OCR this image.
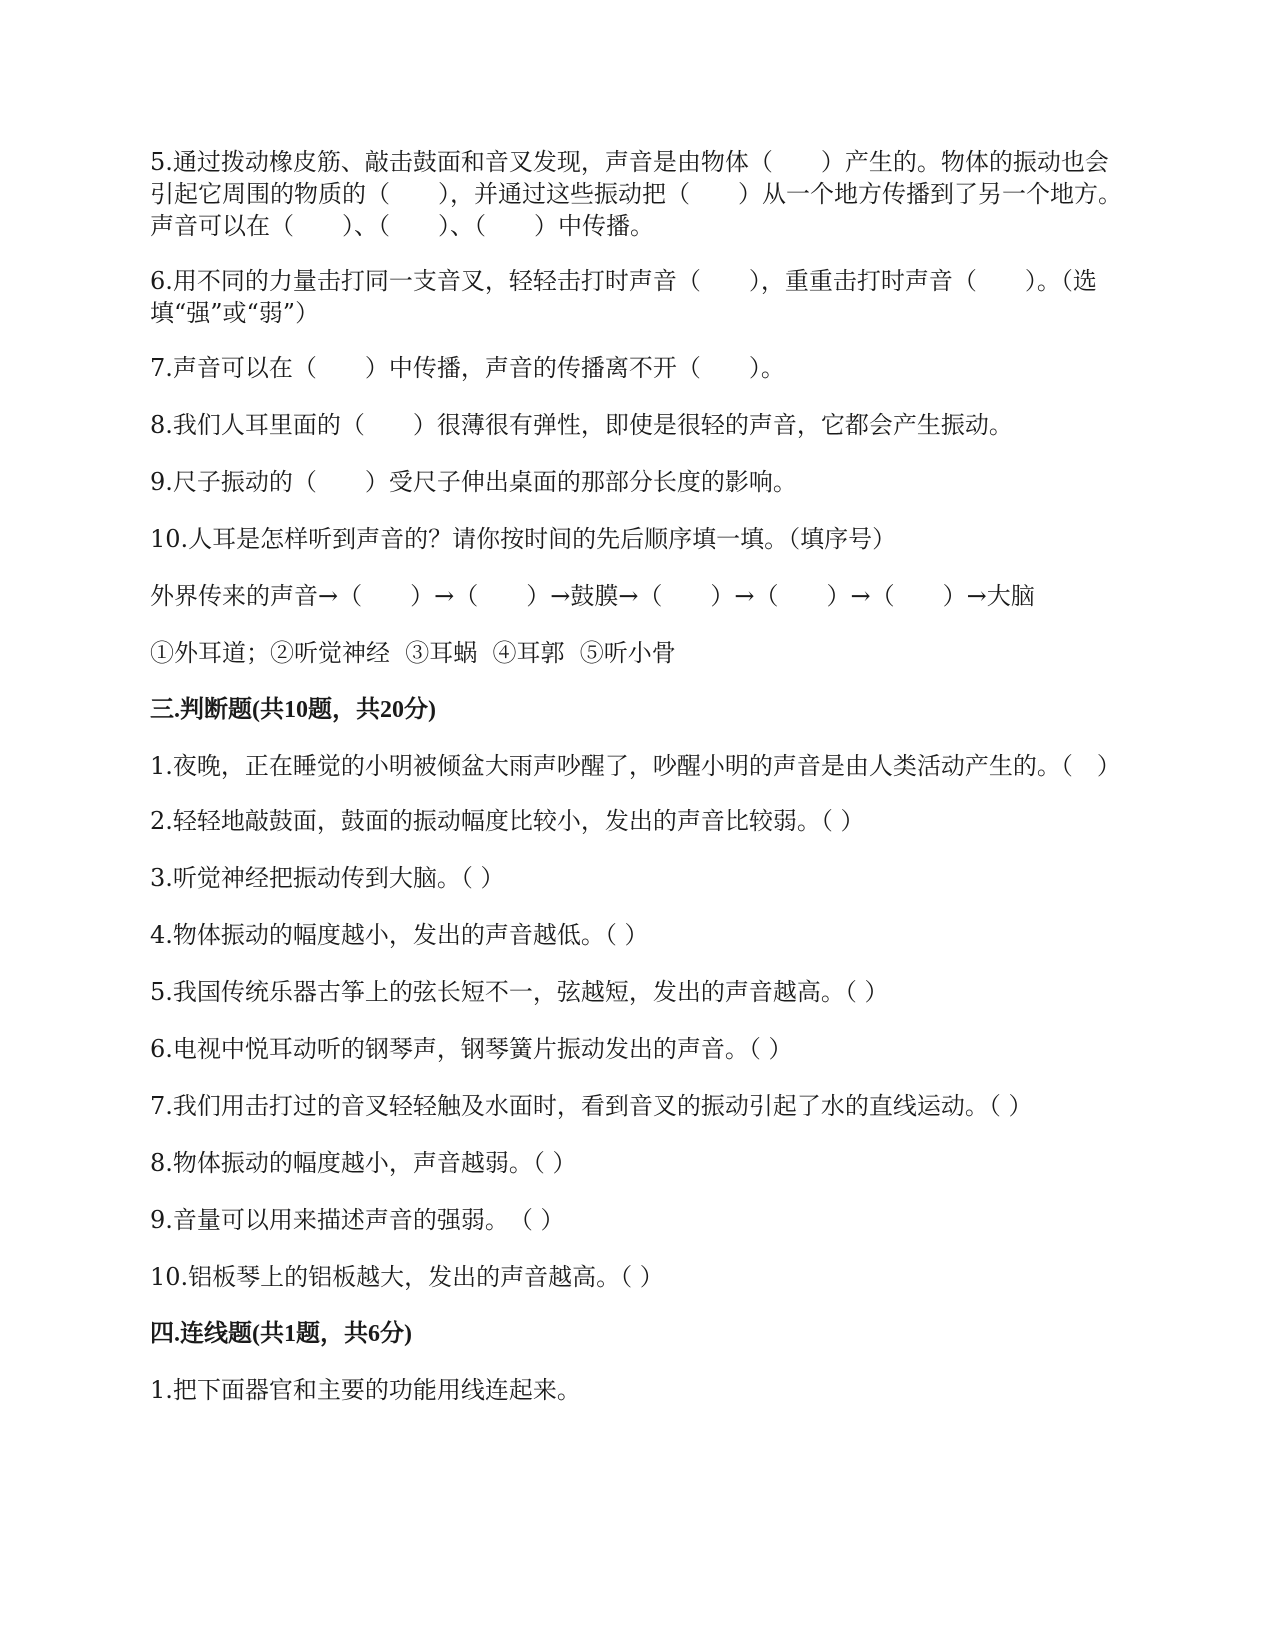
5.通过拨动橡皮筋、敲击鼓面和音叉发现，声音是由物体（　　）产生的。物体的振动也会引起它周围的物质的（　　），并通过这些振动把（　　）从一个地方传播到了另一个地方。声音可以在（　　）、（　　）、（　　）中传播。

6.用不同的力量击打同一支音叉，轻轻击打时声音（　　），重重击打时声音（　　）。（选填“强”或“弱”）

7.声音可以在（　　）中传播，声音的传播离不开（　　）。

8.我们人耳里面的（　　）很薄很有弹性，即使是很轻的声音，它都会产生振动。

9.尺子振动的（　　）受尺子伸出桌面的那部分长度的影响。

10.人耳是怎样听到声音的？请你按时间的先后顺序填一填。（填序号）

外界传来的声音→（　　）→（　　）→鼓膜→（　　）→（　　）→（　　）→大脑

①外耳道；②听觉神经  ③耳蜗  ④耳郭  ⑤听小骨

三.判断题(共10题，共20分)

1.夜晚，正在睡觉的小明被倾盆大雨声吵醒了，吵醒小明的声音是由人类活动产生的。（　）

2.轻轻地敲鼓面，鼓面的振动幅度比较小，发出的声音比较弱。（ ）

3.听觉神经把振动传到大脑。（ ）

4.物体振动的幅度越小，发出的声音越低。（ ）

5.我国传统乐器古筝上的弦长短不一，弦越短，发出的声音越高。（ ）

6.电视中悦耳动听的钢琴声，钢琴簧片振动发出的声音。（ ）

7.我们用击打过的音叉轻轻触及水面时，看到音叉的振动引起了水的直线运动。（ ）

8.物体振动的幅度越小，声音越弱。（ ）

9.音量可以用来描述声音的强弱。　（ ）

10.铝板琴上的铝板越大，发出的声音越高。（ ）

四.连线题(共1题，共6分)

1.把下面器官和主要的功能用线连起来。
